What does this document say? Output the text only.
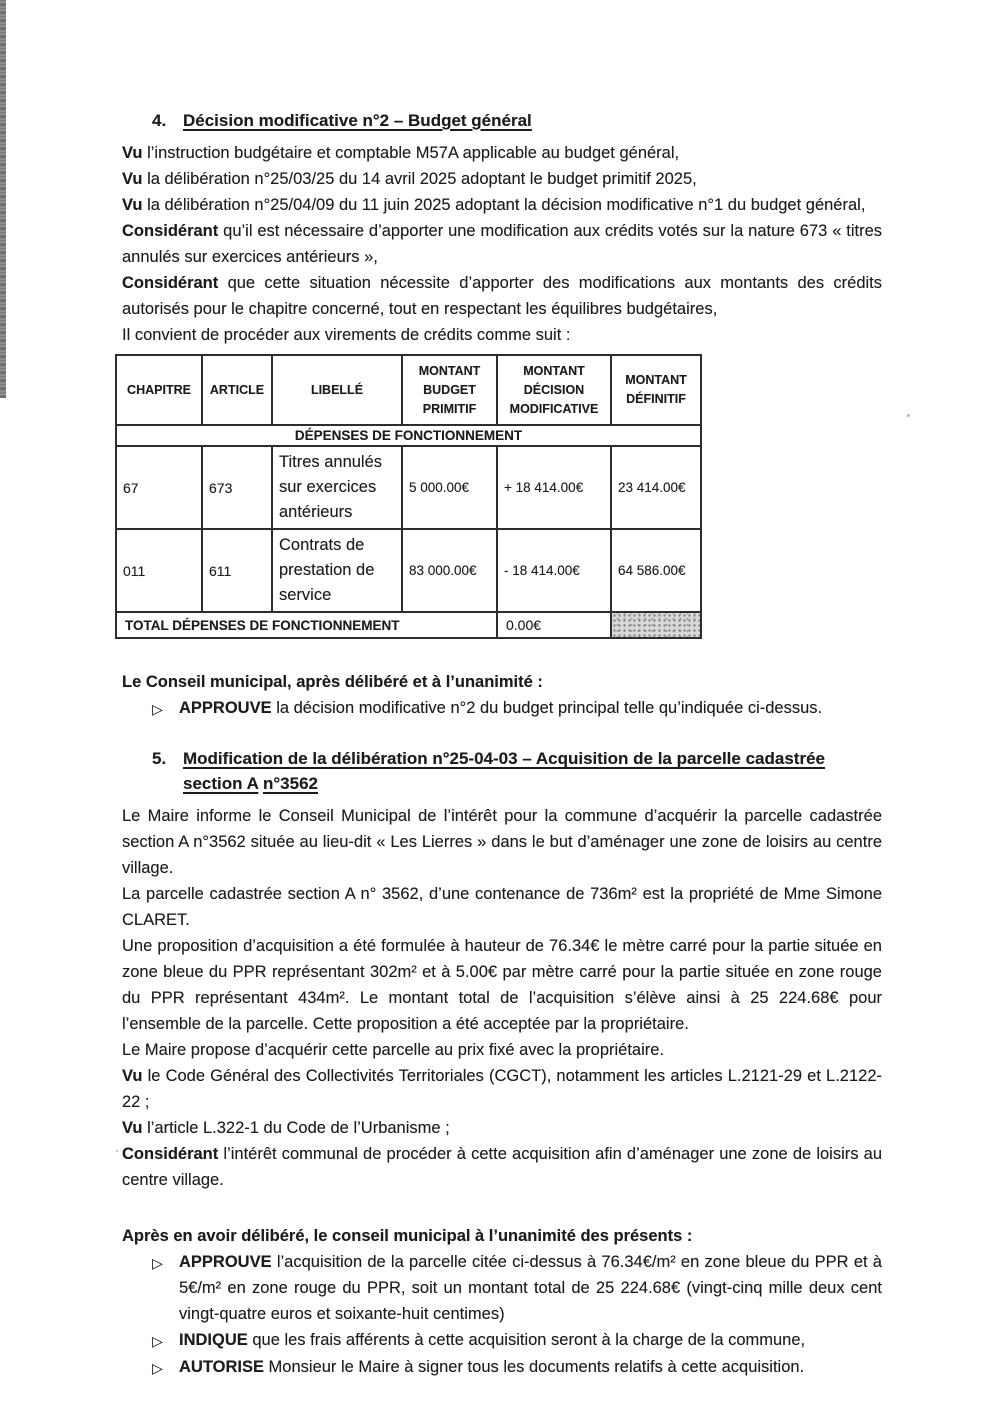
4. Décision modificative n°2 – Budget général

Vu l’instruction budgétaire et comptable M57A applicable au budget général,

Vu la délibération n°25/03/25 du 14 avril 2025 adoptant le budget primitif 2025,

Vu la délibération n°25/04/09 du 11 juin 2025 adoptant la décision modificative n°1 du budget général,

Considérant qu’il est nécessaire d’apporter une modification aux crédits votés sur la nature 673 « titres annulés sur exercices antérieurs »,

Considérant que cette situation nécessite d’apporter des modifications aux montants des crédits autorisés pour le chapitre concerné, tout en respectant les équilibres budgétaires,

Il convient de procéder aux virements de crédits comme suit :

CHAPITRE	ARTICLE	LIBELLÉ	MONTANT BUDGET PRIMITIF	MONTANT DÉCISION MODIFICATIVE	MONTANT DÉFINITIF
DÉPENSES DE FONCTIONNEMENT					
67	673	Titres annulés sur exercices antérieurs	5 000.00€	+ 18 414.00€	23 414.00€
011	611	Contrats de prestation de service	83 000.00€	- 18 414.00€	64 586.00€
TOTAL DÉPENSES DE FONCTIONNEMENT				0.00€	

Le Conseil municipal, après délibéré et à l’unanimité :

▷ APPROUVE la décision modificative n°2 du budget principal telle qu’indiquée ci-dessus.
5. Modification de la délibération n°25-04-03 – Acquisition de la parcelle cadastrée section A n°3562

Le Maire informe le Conseil Municipal de l’intérêt pour la commune d’acquérir la parcelle cadastrée section A n°3562 située au lieu-dit « Les Lierres » dans le but d’aménager une zone de loisirs au centre village.

La parcelle cadastrée section A n° 3562, d’une contenance de 736m² est la propriété de Mme Simone CLARET.

Une proposition d’acquisition a été formulée à hauteur de 76.34€ le mètre carré pour la partie située en zone bleue du PPR représentant 302m² et à 5.00€ par mètre carré pour la partie située en zone rouge du PPR représentant 434m². Le montant total de l’acquisition s’élève ainsi à 25 224.68€ pour l’ensemble de la parcelle. Cette proposition a été acceptée par la propriétaire.

Le Maire propose d’acquérir cette parcelle au prix fixé avec la propriétaire.

Vu le Code Général des Collectivités Territoriales (CGCT), notamment les articles L.2121-29 et L.2122-22 ;

Vu l’article L.322-1 du Code de l’Urbanisme ;

Considérant l’intérêt communal de procéder à cette acquisition afin d’aménager une zone de loisirs au centre village.

Après en avoir délibéré, le conseil municipal à l’unanimité des présents :

▷ APPROUVE l’acquisition de la parcelle citée ci-dessus à 76.34€/m² en zone bleue du PPR et à 5€/m² en zone rouge du PPR, soit un montant total de 25 224.68€ (vingt-cinq mille deux cent vingt-quatre euros et soixante-huit centimes)
▷ INDIQUE que les frais afférents à cette acquisition seront à la charge de la commune,
▷ AUTORISE Monsieur le Maire à signer tous les documents relatifs à cette acquisition.
